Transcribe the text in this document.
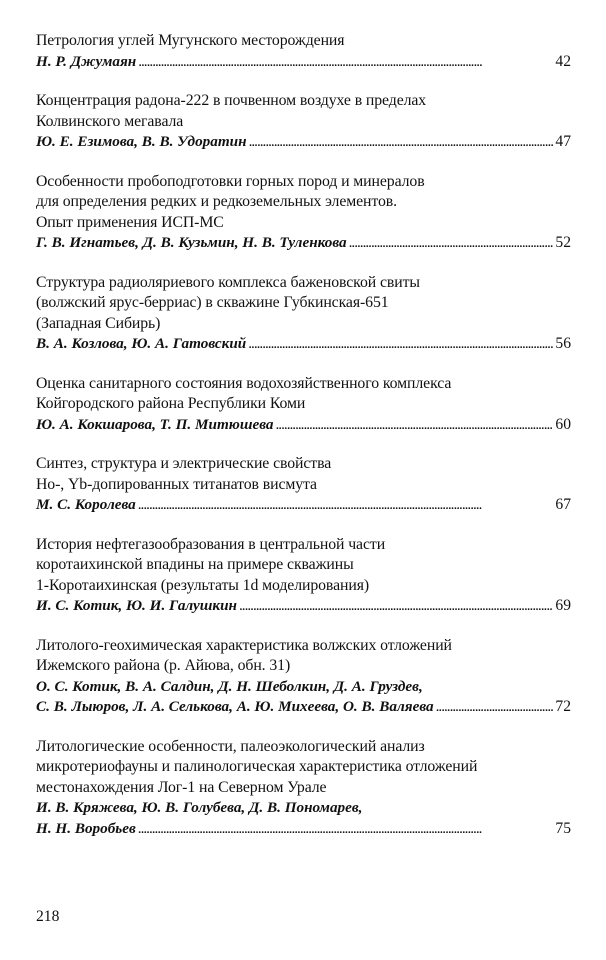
Петрология углей Мугунского месторождения
Н. Р. Джумаян . . .	42
Концентрация радона-222 в почвенном воздухе в пределах
Колвинского мегавала
Ю. Е. Езимова, В. В. Удоратин . . .	47
Особенности пробоподготовки горных пород и минералов
для определения редких и редкоземельных элементов.
Опыт применения ИСП-МС
Г. В. Игнатьев, Д. В. Кузьмин, Н. В. Туленкова . . .	52
Структура радиоляриевого комплекса баженовской свиты
(волжский ярус-берриас) в скважине Губкинская-651
(Западная Сибирь)
В. А. Козлова, Ю. А. Гатовский . . .	56
Оценка санитарного состояния водохозяйственного комплекса
Койгородского района Республики Коми
Ю. А. Кокшарова, Т. П. Митюшева . . .	60
Синтез, структура и электрические свойства
Но-, Yb-допированных титанатов висмута
М. С. Королева . . .	67
История нефтегазообразования в центральной части
коротаихинской впадины на примере скважины
1-Коротаихинская (результаты 1d моделирования)
И. С. Котик, Ю. И. Галушкин . . .	69
Литолого-геохимическая характеристика волжских отложений
Ижемского района (р. Айюва, обн. 31)
О. С. Котик, В. А. Салдин, Д. Н. Шеболкин, Д. А. Груздев,
С. В. Лыюров, Л. А. Селькова, А. Ю. Михеева, О. В. Валяева . . .	72
Литологические особенности, палеоэкологический анализ
микротериофауны и палинологическая характеристика отложений
местонахождения Лог-1 на Северном Урале
И. В. Кряжева, Ю. В. Голубева, Д. В. Пономарев,
Н. Н. Воробьев . . .	75
218
